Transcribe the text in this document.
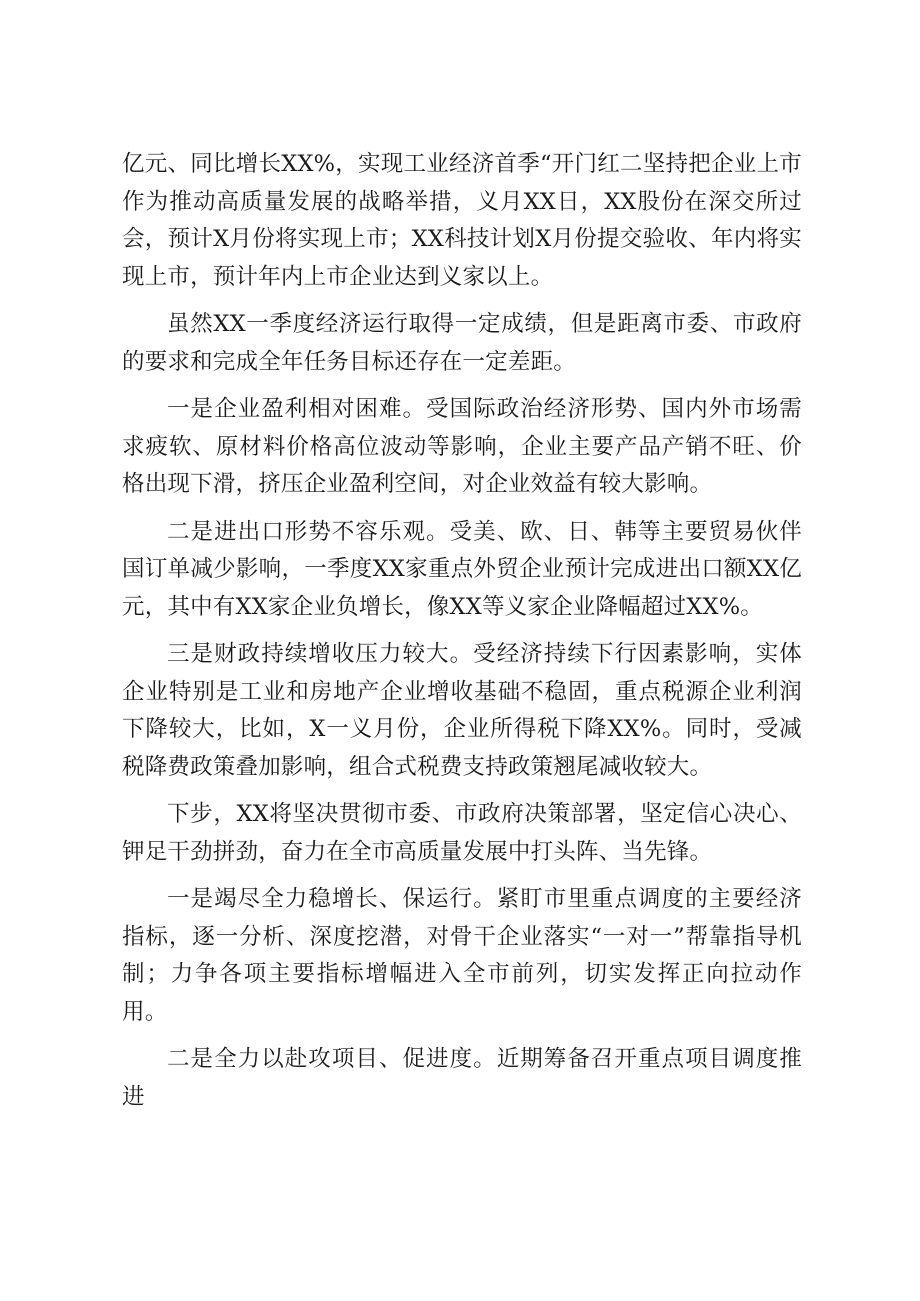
亿元、同比增长XX%，实现工业经济首季“开门红二坚持把企业上市作为推动高质量发展的战略举措，义月XX日，XX股份在深交所过会，预计X月份将实现上市；XX科技计划X月份提交验收、年内将实现上市，预计年内上市企业达到义家以上。

虽然XX一季度经济运行取得一定成绩，但是距离市委、市政府的要求和完成全年任务目标还存在一定差距。

一是企业盈利相对困难。受国际政治经济形势、国内外市场需求疲软、原材料价格高位波动等影响，企业主要产品产销不旺、价格出现下滑，挤压企业盈利空间，对企业效益有较大影响。

二是进出口形势不容乐观。受美、欧、日、韩等主要贸易伙伴国订单减少影响，一季度XX家重点外贸企业预计完成进出口额XX亿元，其中有XX家企业负增长，像XX等义家企业降幅超过XX%。

三是财政持续增收压力较大。受经济持续下行因素影响，实体企业特别是工业和房地产企业增收基础不稳固，重点税源企业利润下降较大，比如，X一义月份，企业所得税下降XX%。同时，受减税降费政策叠加影响，组合式税费支持政策翘尾减收较大。

下步，XX将坚决贯彻市委、市政府决策部署，坚定信心决心、钾足干劲拼劲，奋力在全市高质量发展中打头阵、当先锋。

一是竭尽全力稳增长、保运行。紧盯市里重点调度的主要经济指标，逐一分析、深度挖潜，对骨干企业落实“一对一”帮靠指导机制；力争各项主要指标增幅进入全市前列，切实发挥正向拉动作用。

二是全力以赴攻项目、促进度。近期筹备召开重点项目调度推进
